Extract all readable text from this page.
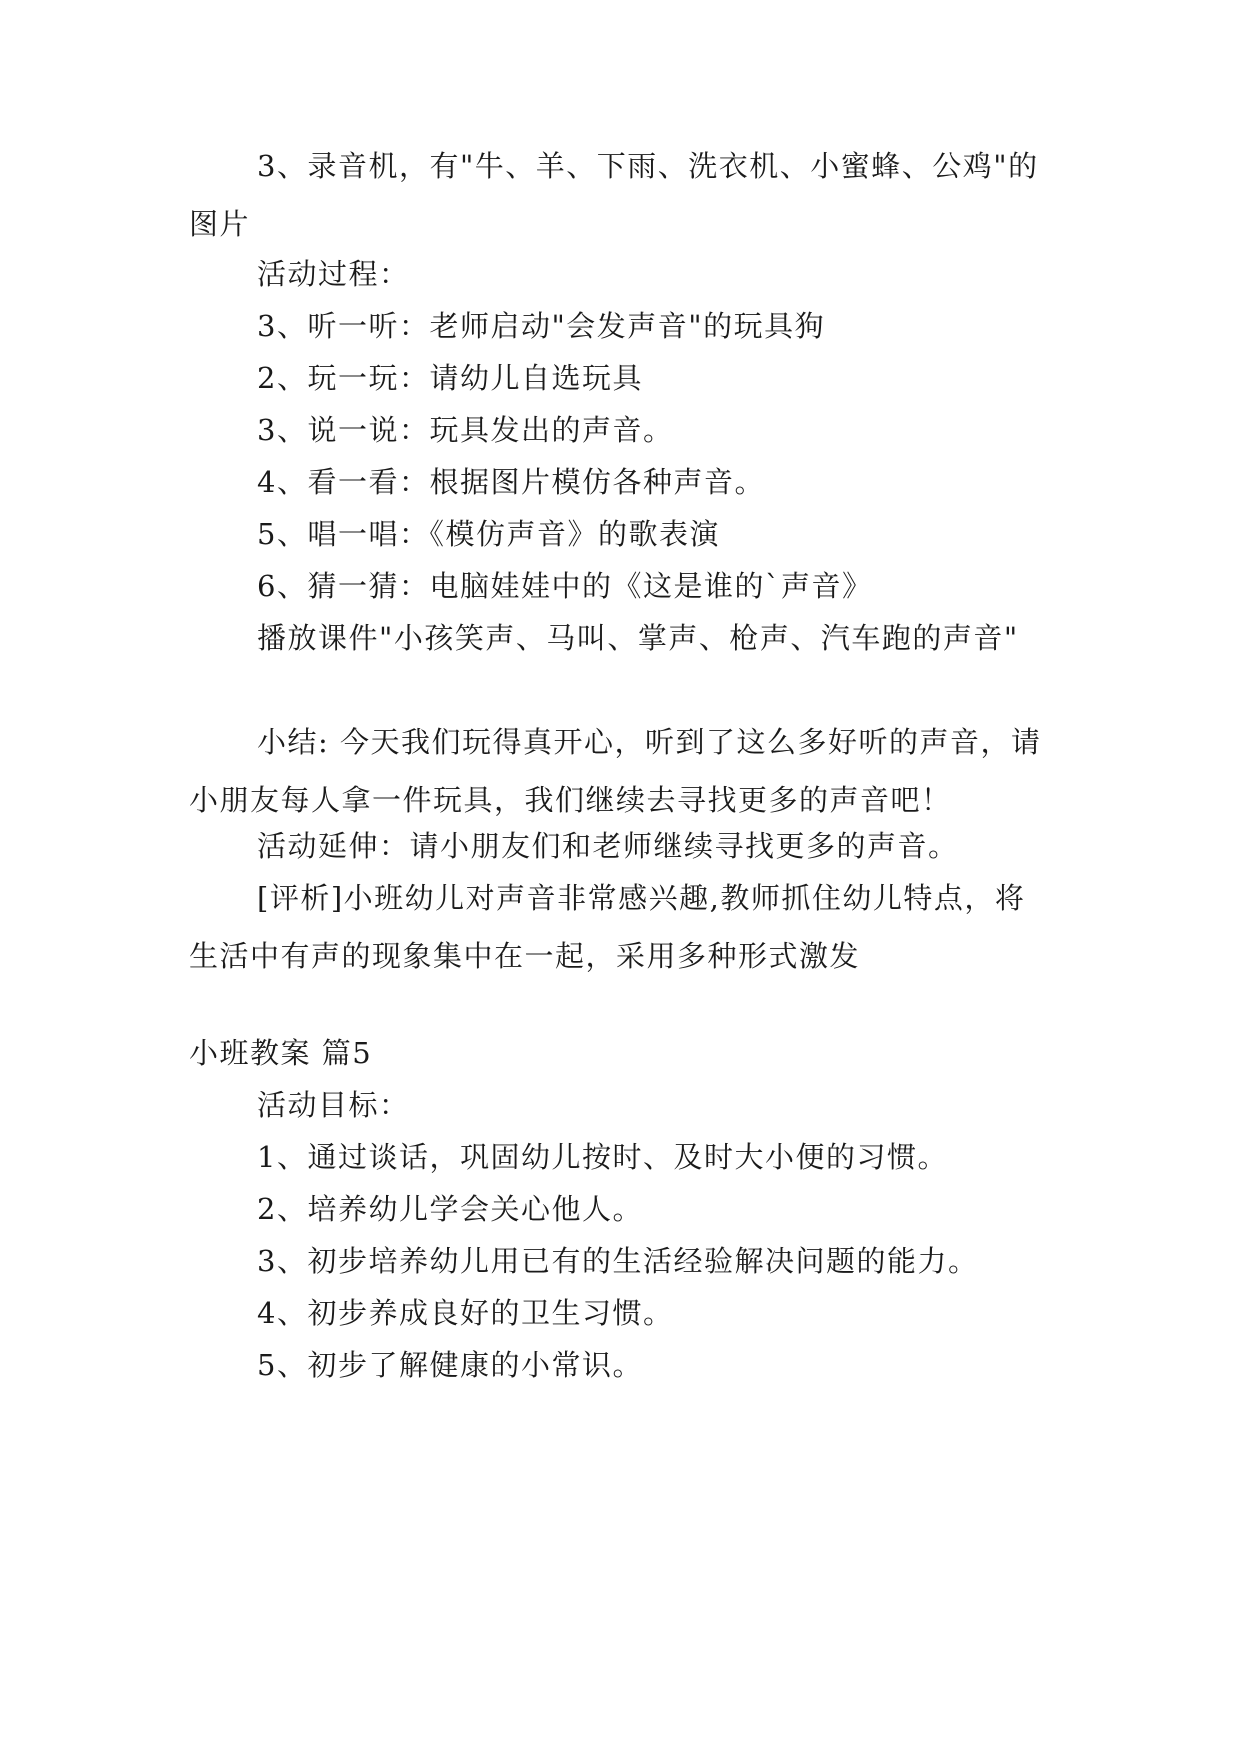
3、录音机，有"牛、羊、下雨、洗衣机、小蜜蜂、公鸡"的图片

活动过程：

3、听一听：老师启动"会发声音"的玩具狗

2、玩一玩：请幼儿自选玩具

3、说一说：玩具发出的声音。

4、看一看：根据图片模仿各种声音。

5、唱一唱：《模仿声音》的歌表演

6、猜一猜：电脑娃娃中的《这是谁的`声音》

播放课件"小孩笑声、马叫、掌声、枪声、汽车跑的声音"

小结: 今天我们玩得真开心，听到了这么多好听的声音，请小朋友每人拿一件玩具，我们继续去寻找更多的声音吧！

活动延伸：请小朋友们和老师继续寻找更多的声音。

[评析]小班幼儿对声音非常感兴趣,教师抓住幼儿特点，将生活中有声的现象集中在一起，采用多种形式激发

小班教案 篇5

活动目标：

1、通过谈话，巩固幼儿按时、及时大小便的习惯。

2、培养幼儿学会关心他人。

3、初步培养幼儿用已有的生活经验解决问题的能力。

4、初步养成良好的卫生习惯。

5、初步了解健康的小常识。
